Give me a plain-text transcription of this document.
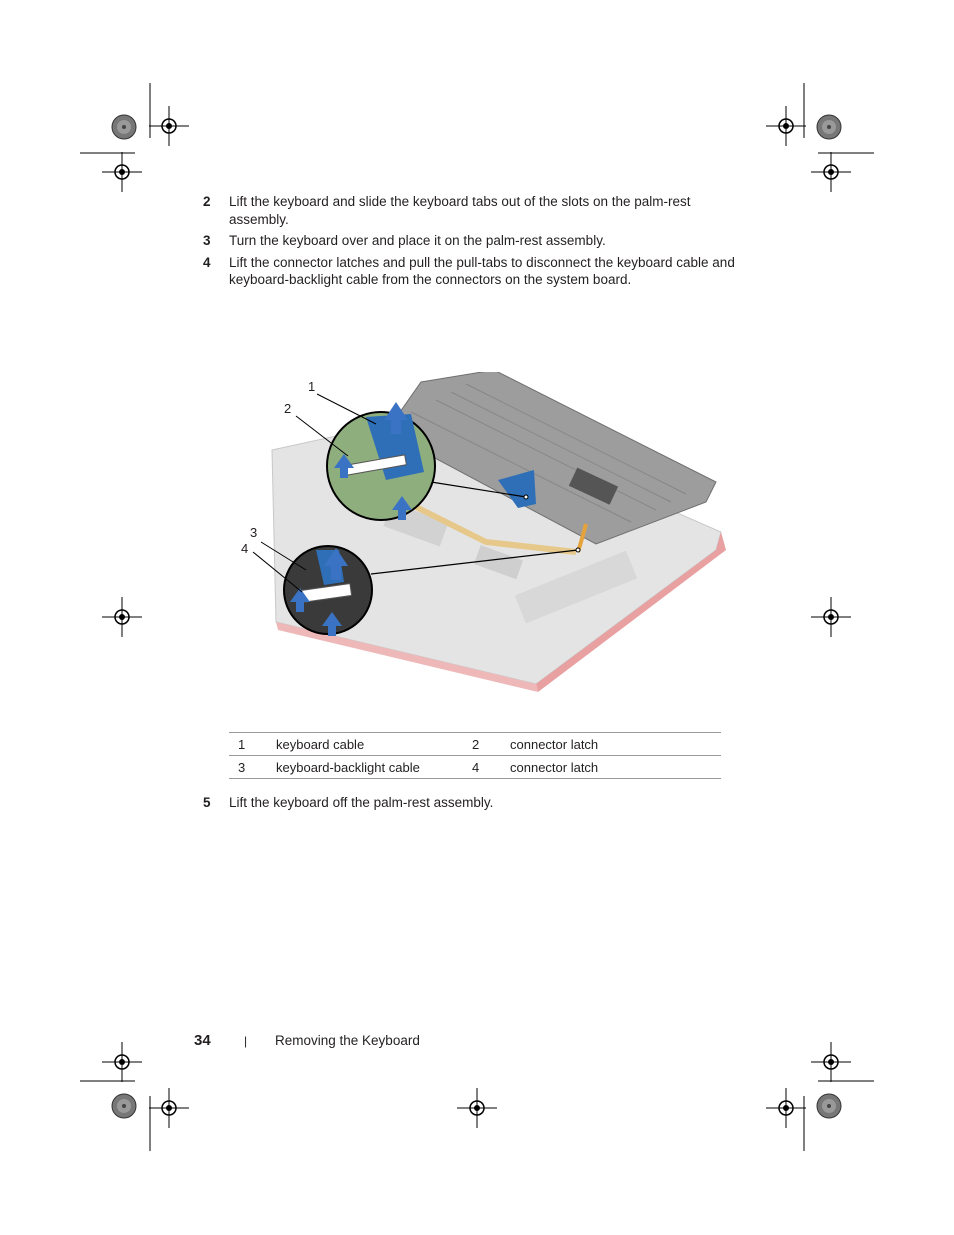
2 Lift the keyboard and slide the keyboard tabs out of the slots on the palm-rest assembly.
3 Turn the keyboard over and place it on the palm-rest assembly.
4 Lift the connector latches and pull the pull-tabs to disconnect the keyboard cable and keyboard-backlight cable from the connectors on the system board.
1
2
3
4
1	keyboard cable	2	connector latch
3	keyboard-backlight cable	4	connector latch
5 Lift the keyboard off the palm-rest assembly.
34	| Removing the Keyboard
